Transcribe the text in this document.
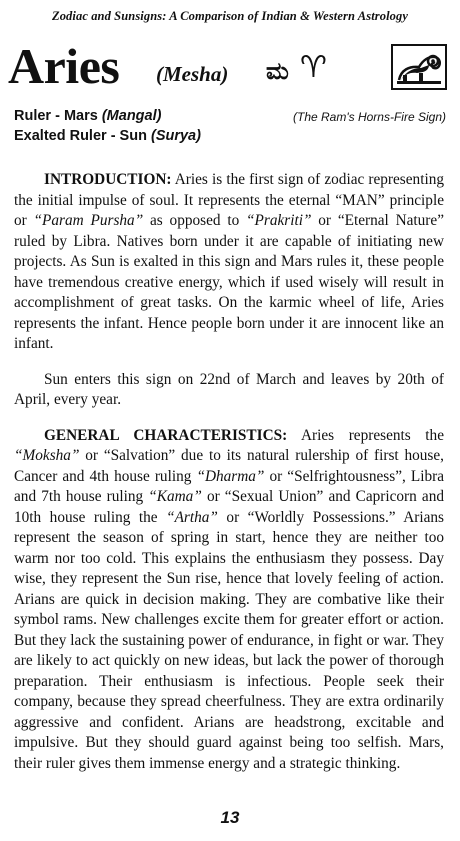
Zodiac and Sunsigns: A Comparison of Indian & Western Astrology
Aries (Mesha) ಮ ♈
Ruler - Mars (Mangal)	(The Ram's Horns-Fire Sign)
Exalted Ruler - Sun (Surya)

INTRODUCTION: Aries is the first sign of zodiac representing the initial impulse of soul. It represents the eternal “MAN” principle or “Param Pursha” as opposed to “Prakriti” or “Eternal Nature” ruled by Libra. Natives born under it are capable of initiating new projects. As Sun is exalted in this sign and Mars rules it, these people have tremendous creative energy, which if used wisely will result in accomplishment of great tasks. On the karmic wheel of life, Aries represents the infant. Hence people born under it are innocent like an infant.

Sun enters this sign on 22nd of March and leaves by 20th of April, every year.

GENERAL CHARACTERISTICS: Aries represents the “Moksha” or “Salvation” due to its natural rulership of first house, Cancer and 4th house ruling “Dharma” or “Selfrightousness”, Libra and 7th house ruling “Kama” or “Sexual Union” and Capricorn and 10th house ruling the “Artha” or “Worldly Possessions.” Arians represent the season of spring in start, hence they are neither too warm nor too cold. This explains the enthusiasm they possess. Day wise, they represent the Sun rise, hence that lovely feeling of action. Arians are quick in decision making. They are combative like their symbol rams. New challenges excite them for greater effort or action. But they lack the sustaining power of endurance, in fight or war. They are likely to act quickly on new ideas, but lack the power of thorough preparation. Their enthusiasm is infectious. People seek their company, because they spread cheerfulness. They are extra ordinarily aggressive and confident. Arians are headstrong, excitable and impulsive. But they should guard against being too selfish. Mars, their ruler gives them immense energy and a strategic thinking.

13
